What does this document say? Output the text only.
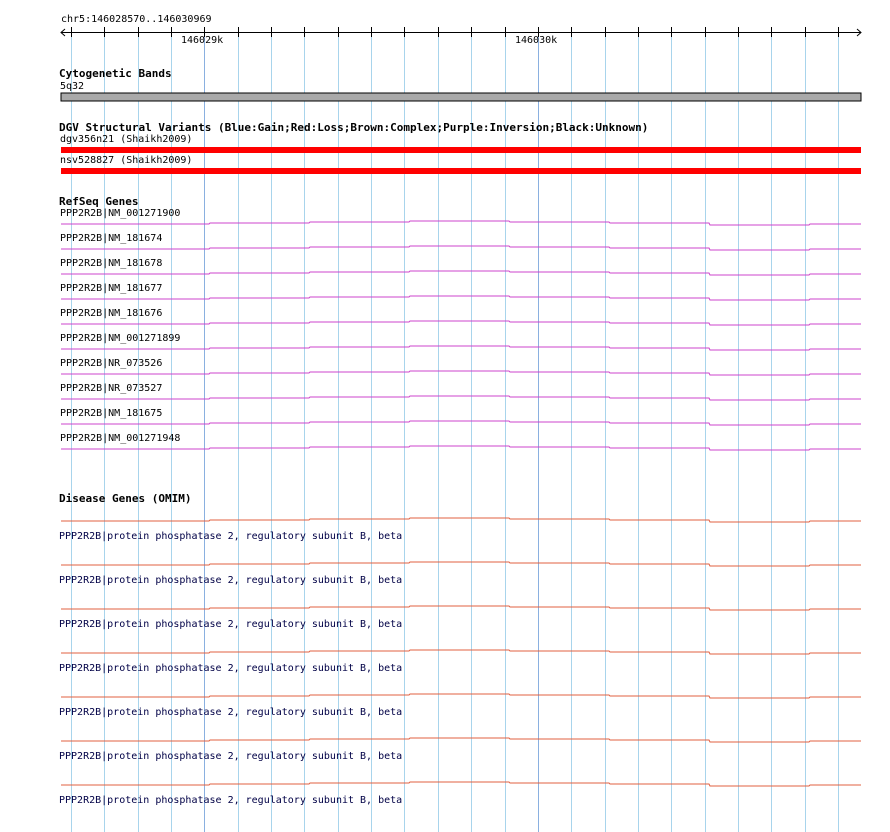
chr5:146028570..146030969
146029k	146030k
Cytogenetic Bands
5q32
DGV Structural Variants (Blue:Gain;Red:Loss;Brown:Complex;Purple:Inversion;Black:Unknown)
dgv356n21 (Shaikh2009)
nsv528827 (Shaikh2009)
RefSeq Genes
PPP2R2B|NM_001271900
PPP2R2B|NM_181674
PPP2R2B|NM_181678
PPP2R2B|NM_181677
PPP2R2B|NM_181676
PPP2R2B|NM_001271899
PPP2R2B|NR_073526
PPP2R2B|NR_073527
PPP2R2B|NM_181675
PPP2R2B|NM_001271948
Disease Genes (OMIM)
PPP2R2B|protein phosphatase 2, regulatory subunit B, beta
PPP2R2B|protein phosphatase 2, regulatory subunit B, beta
PPP2R2B|protein phosphatase 2, regulatory subunit B, beta
PPP2R2B|protein phosphatase 2, regulatory subunit B, beta
PPP2R2B|protein phosphatase 2, regulatory subunit B, beta
PPP2R2B|protein phosphatase 2, regulatory subunit B, beta
PPP2R2B|protein phosphatase 2, regulatory subunit B, beta
